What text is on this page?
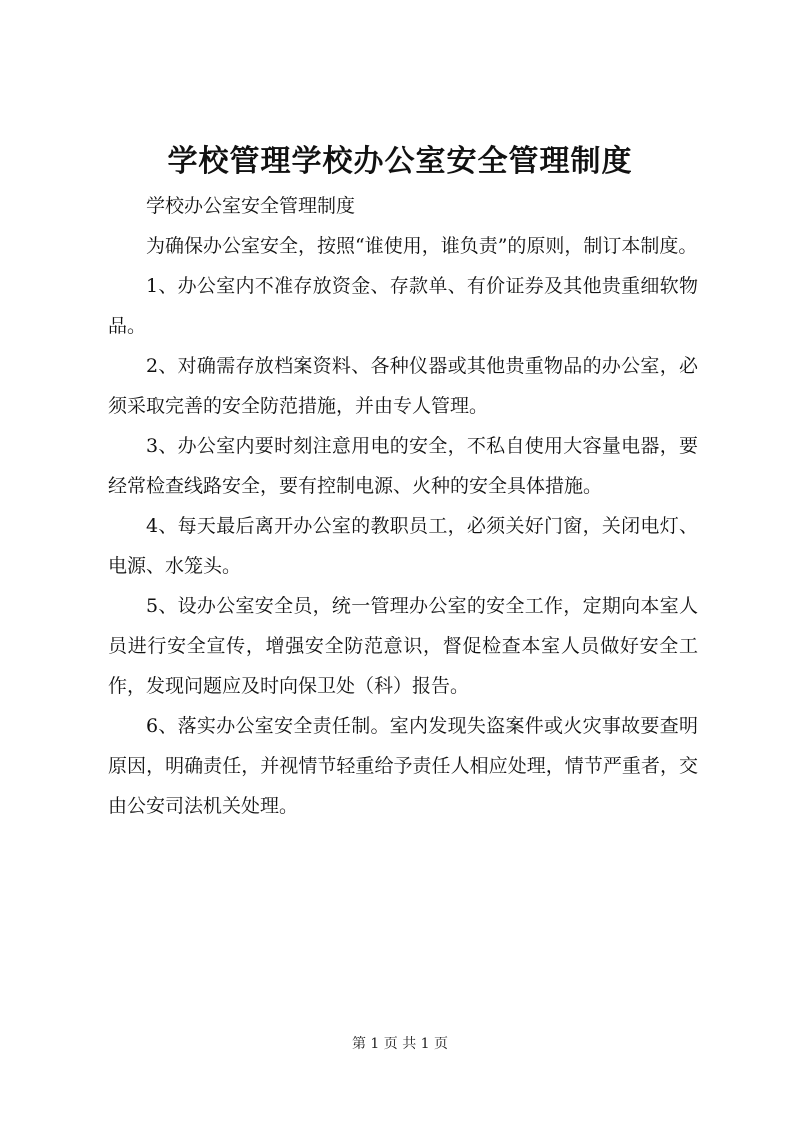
学校管理学校办公室安全管理制度

学校办公室安全管理制度

为确保办公室安全，按照“谁使用，谁负责”的原则，制订本制度。

1、办公室内不准存放资金、存款单、有价证券及其他贵重细软物品。

2、对确需存放档案资料、各种仪器或其他贵重物品的办公室，必须采取完善的安全防范措施，并由专人管理。

3、办公室内要时刻注意用电的安全，不私自使用大容量电器，要经常检查线路安全，要有控制电源、火种的安全具体措施。

4、每天最后离开办公室的教职员工，必须关好门窗，关闭电灯、电源、水笼头。

5、设办公室安全员，统一管理办公室的安全工作，定期向本室人员进行安全宣传，增强安全防范意识，督促检查本室人员做好安全工作，发现问题应及时向保卫处（科）报告。

6、落实办公室安全责任制。室内发现失盗案件或火灾事故要查明原因，明确责任，并视情节轻重给予责任人相应处理，情节严重者，交由公安司法机关处理。

第 1 页 共 1 页
